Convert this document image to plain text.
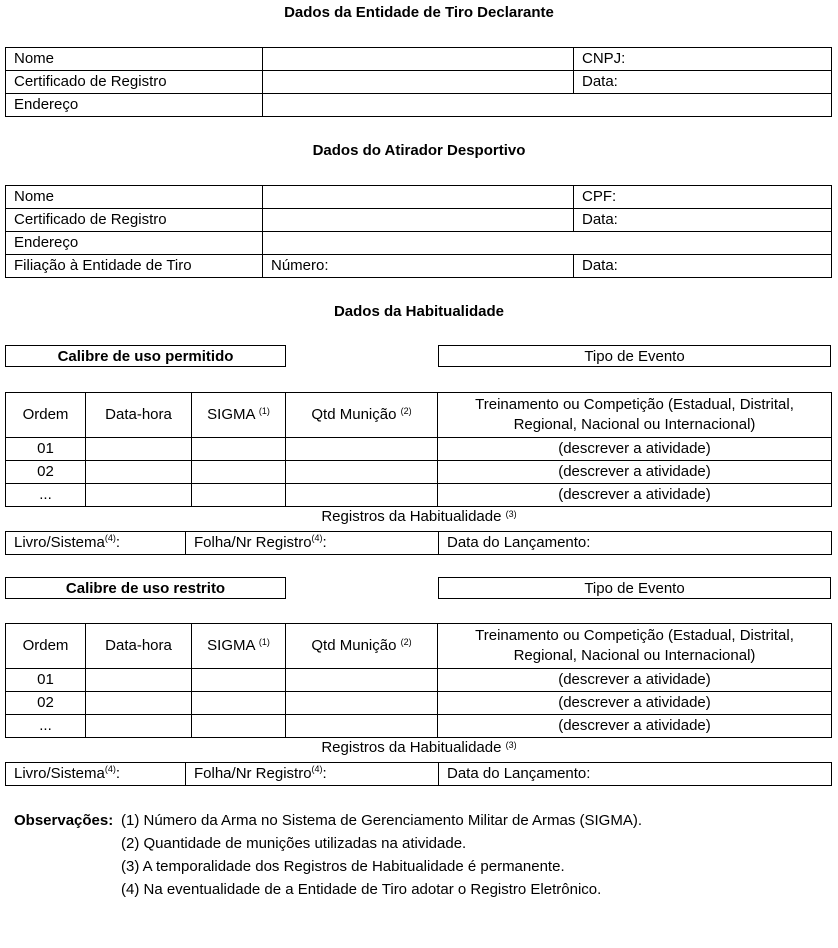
Dados da Entidade de Tiro Declarante
Nome		CNPJ:
Certificado de Registro		Data:
Endereço		
Dados do Atirador Desportivo
Nome		CPF:
Certificado de Registro		Data:
Endereço		
Filiação à Entidade de Tiro	Número:	Data:
Dados da Habitualidade
Calibre de uso permitido	Tipo de Evento
Ordem	Data-hora	SIGMA $^{(1)}$	Qtd Munição $^{(2)}$	Treinamento ou Competição (Estadual, Distrital, Regional, Nacional ou Internacional)
01				(descrever a atividade)
02				(descrever a atividade)
...				(descrever a atividade)
Registros da Habitualidade $^{(3)}$
Livro/Sistema$^{(4)}$:	Folha/Nr Registro$^{(4)}$:	Data do Lançamento:
Calibre de uso restrito	Tipo de Evento
Ordem	Data-hora	SIGMA $^{(1)}$	Qtd Munição $^{(2)}$	Treinamento ou Competição (Estadual, Distrital, Regional, Nacional ou Internacional)
01				(descrever a atividade)
02				(descrever a atividade)
...				(descrever a atividade)
Registros da Habitualidade $^{(3)}$
Livro/Sistema$^{(4)}$:	Folha/Nr Registro$^{(4)}$:	Data do Lançamento:
Observações: (1) Número da Arma no Sistema de Gerenciamento Militar de Armas (SIGMA).
(2) Quantidade de munições utilizadas na atividade.
(3) A temporalidade dos Registros de Habitualidade é permanente.
(4) Na eventualidade de a Entidade de Tiro adotar o Registro Eletrônico.
